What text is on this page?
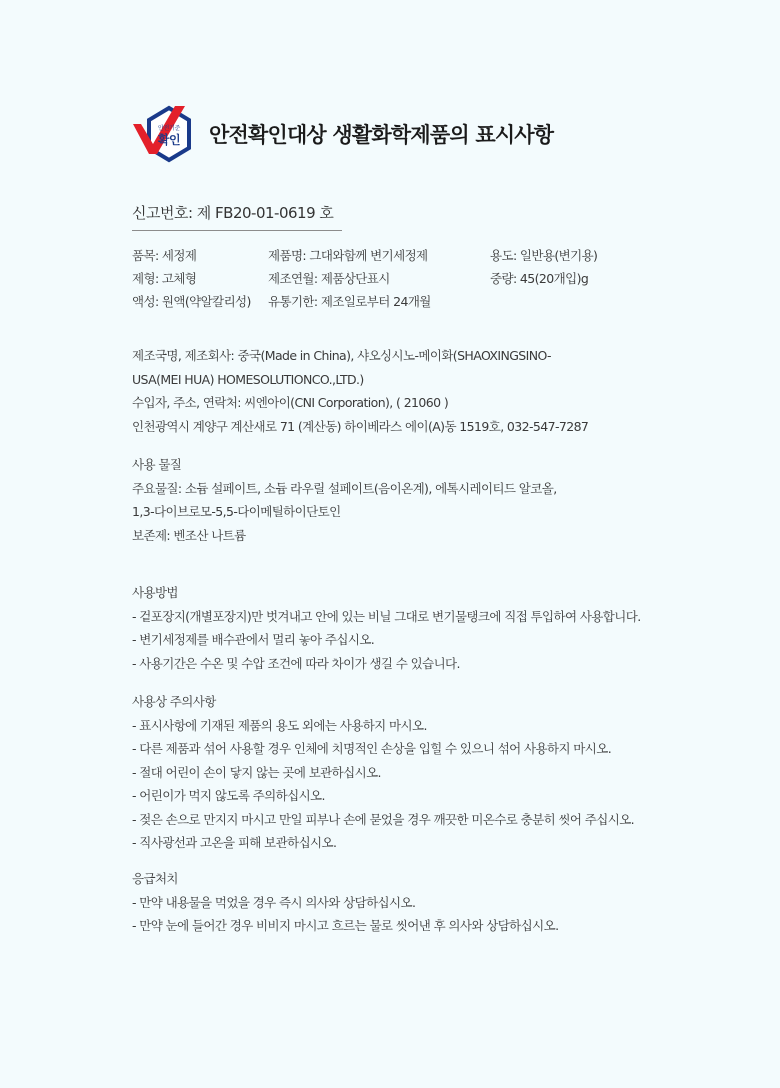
안전기준
확인	안전확인대상 생활화학제품의 표시사항
신고번호: 제 FB20-01-0619 호
품목: 세정제	제품명: 그대와함께 변기세정제	용도: 일반용(변기용)
제형: 고체형	제조연월: 제품상단표시	중량: 45(20개입)g
액성: 원액(약알칼리성) 유통기한: 제조일로부터 24개월
제조국명, 제조회사: 중국(Made in China), 샤오싱시노-메이화(SHAOXINGSINO-
USA(MEI HUA) HOMESOLUTIONCO.,LTD.)
수입자, 주소, 연락처: 씨엔아이(CNI Corporation), ( 21060 )
인천광역시 계양구 계산새로 71 (계산동) 하이베라스 에이(A)동 1519호, 032-547-7287
사용 물질
주요물질: 소듐 설페이트, 소듐 라우릴 설페이트(음이온계), 에톡시레이티드 알코올,
1,3-다이브로모-5,5-다이메틸하이단토인
보존제: 벤조산 나트륨
사용방법
- 겉포장지(개별포장지)만 벗겨내고 안에 있는 비닐 그대로 변기물탱크에 직접 투입하여 사용합니다.
- 변기세정제를 배수관에서 멀리 놓아 주십시오.
- 사용기간은 수온 및 수압 조건에 따라 차이가 생길 수 있습니다.
사용상 주의사항
- 표시사항에 기재된 제품의 용도 외에는 사용하지 마시오.
- 다른 제품과 섞어 사용할 경우 인체에 치명적인 손상을 입힐 수 있으니 섞어 사용하지 마시오.
- 절대 어린이 손이 닿지 않는 곳에 보관하십시오.
- 어린이가 먹지 않도록 주의하십시오.
- 젖은 손으로 만지지 마시고 만일 피부나 손에 묻었을 경우 깨끗한 미온수로 충분히 씻어 주십시오.
- 직사광선과 고온을 피해 보관하십시오.
응급처치
- 만약 내용물을 먹었을 경우 즉시 의사와 상담하십시오.
- 만약 눈에 들어간 경우 비비지 마시고 흐르는 물로 씻어낸 후 의사와 상담하십시오.
